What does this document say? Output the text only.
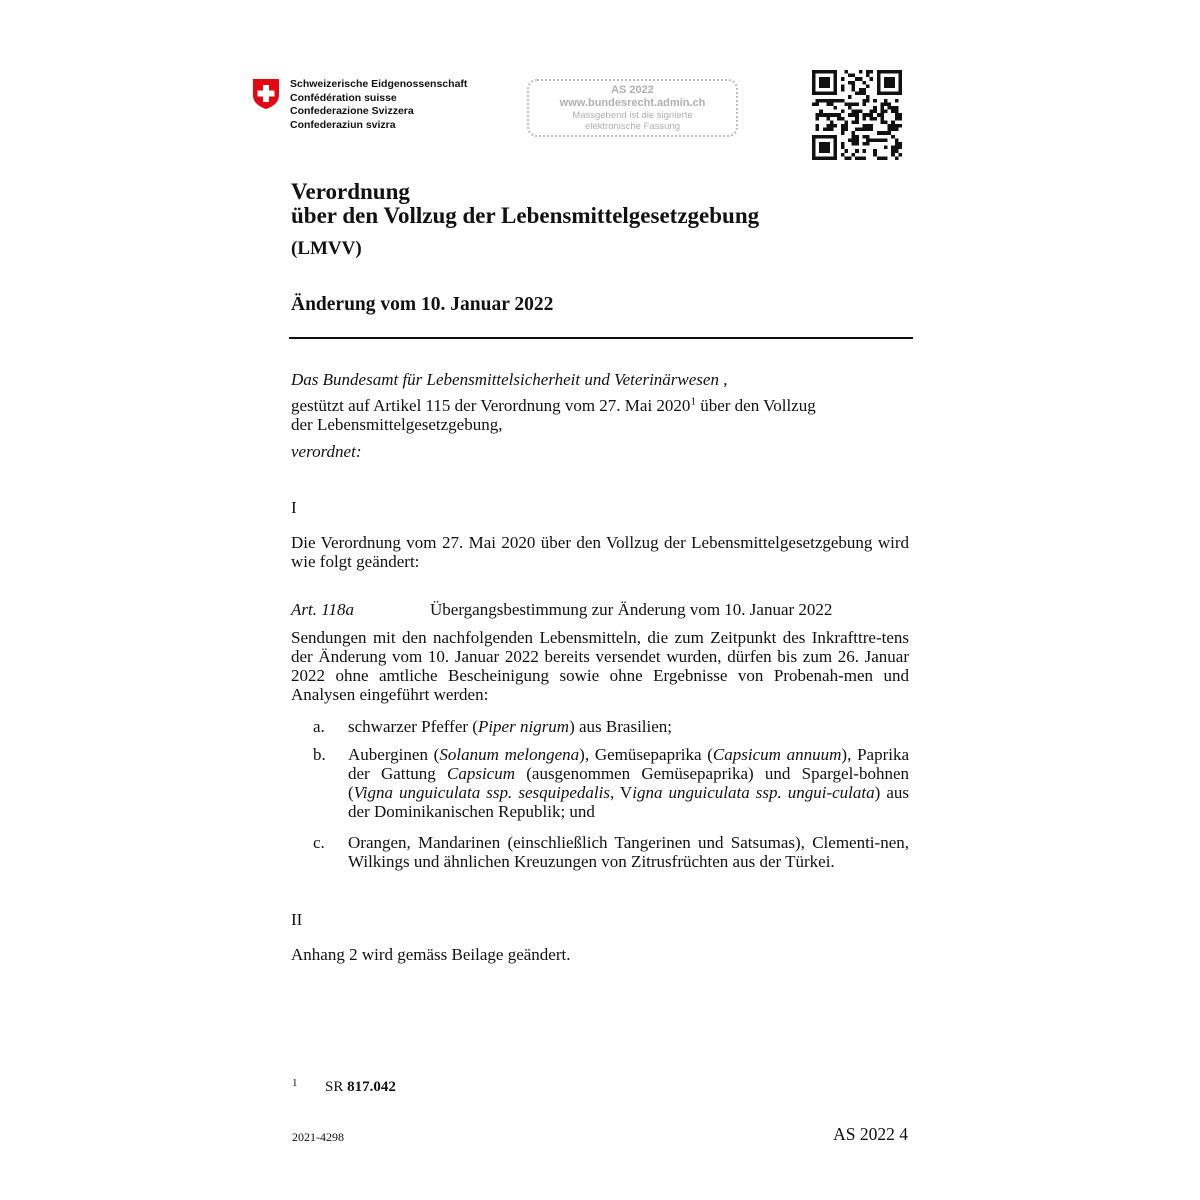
Schweizerische Eidgenossenschaft
Confédération suisse
Confederazione Svizzera
Confederaziun svizra
AS 2022
www.bundesrecht.admin.ch
Massgebend ist die signierte
elektronische Fassung
Verordnung
über den Vollzug der Lebensmittelgesetzgebung
(LMVV)
Änderung vom 10. Januar 2022
Das Bundesamt für Lebensmittelsicherheit und Veterinärwesen ,
gestützt auf Artikel 115 der Verordnung vom 27. Mai 2020$^1$ über den Vollzug
der Lebensmittelgesetzgebung,
verordnet:
I
Die Verordnung vom 27. Mai 2020 über den Vollzug der Lebensmittelgesetzgebung wird wie folgt geändert:
Art. 118a	Übergangsbestimmung zur Änderung vom 10. Januar 2022
Sendungen mit den nachfolgenden Lebensmitteln, die zum Zeitpunkt des Inkrafttre-tens der Änderung vom 10. Januar 2022 bereits versendet wurden, dürfen bis zum 26. Januar 2022 ohne amtliche Bescheinigung sowie ohne Ergebnisse von Probenah-men und Analysen eingeführt werden:
a.	schwarzer Pfeffer (Piper nigrum) aus Brasilien;
b.	Auberginen (Solanum melongena), Gemüsepaprika (Capsicum annuum), Paprika der Gattung Capsicum (ausgenommen Gemüsepaprika) und Spargel-bohnen (Vigna unguiculata ssp. sesquipedalis, Vigna unguiculata ssp. ungui-culata) aus der Dominikanischen Republik; und
c.	Orangen, Mandarinen (einschließlich Tangerinen und Satsumas), Clementi-nen, Wilkings und ähnlichen Kreuzungen von Zitrusfrüchten aus der Türkei.
II
Anhang 2 wird gemäss Beilage geändert.
1 SR 817.042
2021-4298	AS 2022 4
